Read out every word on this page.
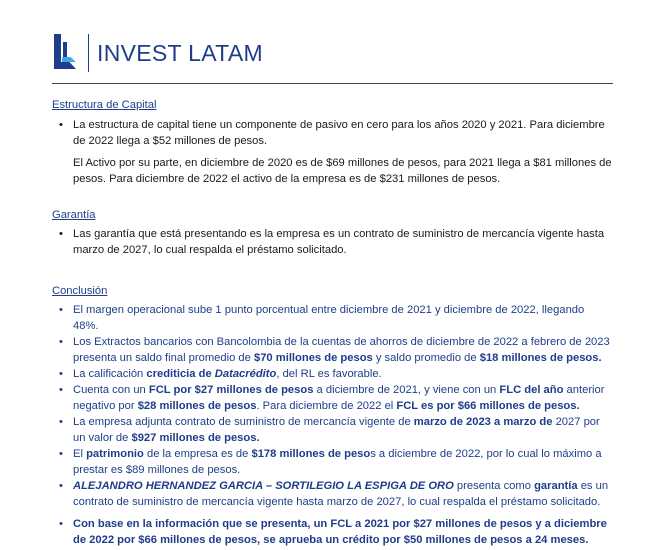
INVEST LATAM
Estructura de Capital
• La estructura de capital tiene un componente de pasivo en cero para los años 2020 y 2021. Para diciembre de 2022 llega a $52 millones de pesos.
El Activo por su parte, en diciembre de 2020 es de $69 millones de pesos, para 2021 llega a $81 millones de pesos. Para diciembre de 2022 el activo de la empresa es de $231 millones de pesos.
Garantía
• Las garantía que está presentando es la empresa es un contrato de suministro de mercancía vigente hasta marzo de 2027, lo cual respalda el préstamo solicitado.
Conclusión
• El margen operacional sube 1 punto porcentual entre diciembre de 2021 y diciembre de 2022, llegando 48%.
• Los Extractos bancarios con Bancolombia de la cuentas de ahorros de diciembre de 2022 a febrero de 2023 presenta un saldo final promedio de $70 millones de pesos y saldo promedio de $18 millones de pesos.
• La calificación crediticia de Datacrédito, del RL es favorable.
• Cuenta con un FCL por $27 millones de pesos a diciembre de 2021, y viene con un FLC del año anterior negativo por $28 millones de pesos. Para diciembre de 2022 el FCL es por $66 millones de pesos.
• La empresa adjunta contrato de suministro de mercancía vigente de marzo de 2023 a marzo de 2027 por un valor de $927 millones de pesos.
• El patrimonio de la empresa es de $178 millones de pesos a diciembre de 2022, por lo cual lo máximo a prestar es $89 millones de pesos.
• ALEJANDRO HERNANDEZ GARCIA – SORTILEGIO LA ESPIGA DE ORO presenta como garantía es un contrato de suministro de mercancía vigente hasta marzo de 2027, lo cual respalda el préstamo solicitado.
• Con base en la información que se presenta, un FCL a 2021 por $27 millones de pesos y a diciembre de 2022 por $66 millones de pesos, se aprueba un crédito por $50 millones de pesos a 24 meses.
